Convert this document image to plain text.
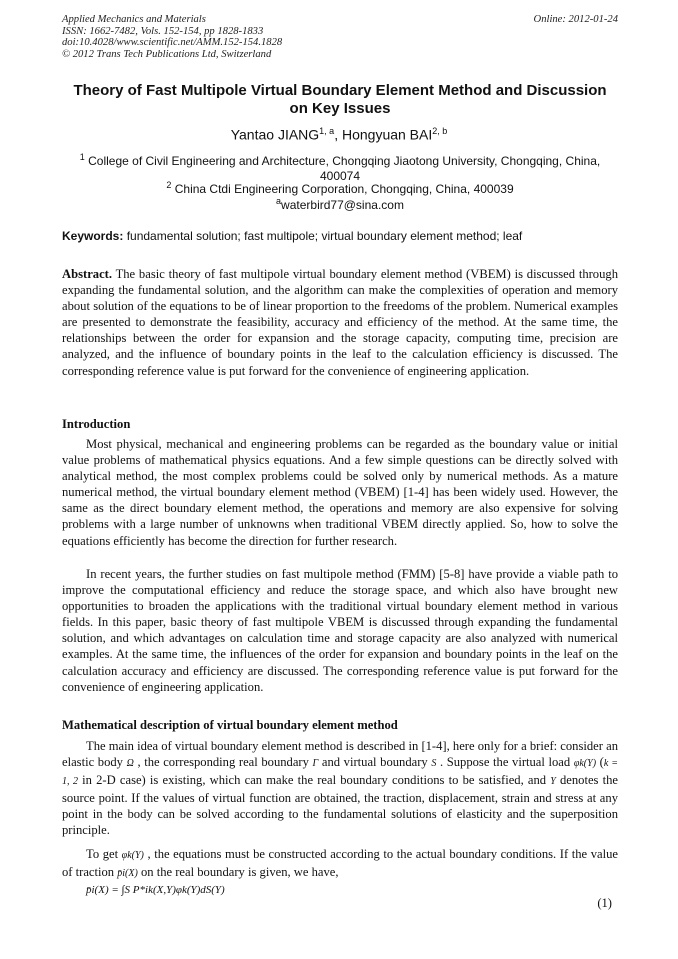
Applied Mechanics and Materials
ISSN: 1662-7482, Vols. 152-154, pp 1828-1833
doi:10.4028/www.scientific.net/AMM.152-154.1828
© 2012 Trans Tech Publications Ltd, Switzerland
Online: 2012-01-24
Theory of Fast Multipole Virtual Boundary Element Method and Discussion on Key Issues
Yantao JIANG$^{1, a}$, Hongyuan BAI$^{2, b}$
$^1$ College of Civil Engineering and Architecture, Chongqing Jiaotong University, Chongqing, China, 400074
$^2$ China Ctdi Engineering Corporation, Chongqing, China, 400039
$^a$waterbird77@sina.com
Keywords: fundamental solution; fast multipole; virtual boundary element method; leaf
Abstract. The basic theory of fast multipole virtual boundary element method (VBEM) is discussed through expanding the fundamental solution, and the algorithm can make the complexities of operation and memory about solution of the equations to be of linear proportion to the freedoms of the problem. Numerical examples are presented to demonstrate the feasibility, accuracy and efficiency of the method. At the same time, the relationships between the order for expansion and the storage capacity, computing time, precision are analyzed, and the influence of boundary points in the leaf to the calculation efficiency is discussed. The corresponding reference value is put forward for the convenience of engineering application.
Introduction
Most physical, mechanical and engineering problems can be regarded as the boundary value or initial value problems of mathematical physics equations. And a few simple questions can be directly solved with analytical method, the most complex problems could be solved only by numerical methods. As a mature numerical method, the virtual boundary element method (VBEM) [1-4] has been widely used. However, the same as the direct boundary element method, the operations and memory are also expensive for solving problems with a large number of unknowns when traditional VBEM directly applied. So, how to solve the equations efficiently has become the direction for further research.
In recent years, the further studies on fast multipole method (FMM) [5-8] have provide a viable path to improve the computational efficiency and reduce the storage space, and which also have brought new opportunities to broaden the applications with the traditional virtual boundary element method in various fields. In this paper, basic theory of fast multipole VBEM is discussed through expanding the fundamental solution, and which advantages on calculation time and storage capacity are also analyzed with numerical examples. At the same time, the influences of the order for expansion and boundary points in the leaf on the calculation accuracy and efficiency are discussed. The corresponding reference value is put forward for the convenience of engineering application.
Mathematical description of virtual boundary element method
The main idea of virtual boundary element method is described in [1-4], here only for a brief: consider an elastic body Ω , the corresponding real boundary Γ and virtual boundary S . Suppose the virtual load φk(Y) (k = 1, 2 in 2-D case) is existing, which can make the real boundary conditions to be satisfied, and Y denotes the source point. If the values of virtual function are obtained, the traction, displacement, strain and stress at any point in the body can be solved according to the fundamental solutions of elasticity and the superposition principle.
To get φk(Y) , the equations must be constructed according to the actual boundary conditions. If the value of traction p̄i(X) on the real boundary is given, we have,
p̄i(X) = ∫S P*ik(X,Y)φk(Y)dS(Y)
(1)
